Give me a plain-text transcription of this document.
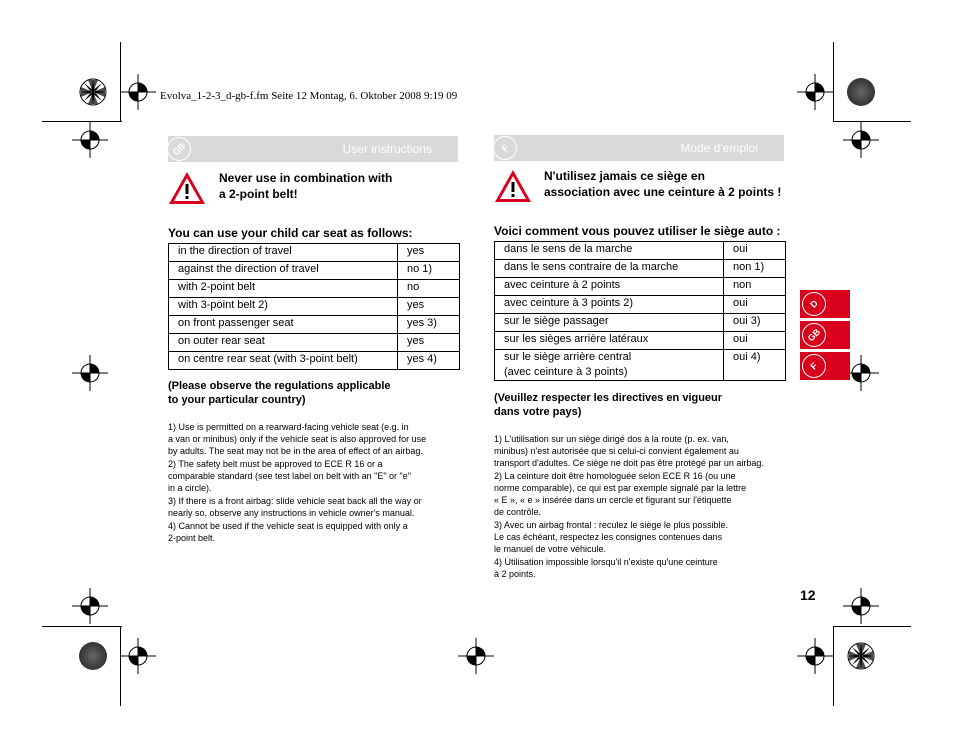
Evolva_1-2-3_d-gb-f.fm Seite 12 Montag, 6. Oktober 2008 9:19 09
GB	User instructions
Never use in combination with
a 2-point belt!
You can use your child car seat as follows:
in the direction of travel	yes
against the direction of travel	no 1)
with 2-point belt	no
with 3-point belt 2)	yes
on front passenger seat	yes 3)
on outer rear seat	yes
on centre rear seat (with 3-point belt)	yes 4)
(Please observe the regulations applicable
to your particular country)

1) Use is permitted on a rearward-facing vehicle seat (e.g. in
a van or minibus) only if the vehicle seat is also approved for use
by adults. The seat may not be in the area of effect of an airbag.

2) The safety belt must be approved to ECE R 16 or a
comparable standard (see test label on belt with an "E" or "e"
in a circle).

3) If there is a front airbag: slide vehicle seat back all the way or
nearly so, observe any instructions in vehicle owner's manual.

4) Cannot be used if the vehicle seat is equipped with only a
2-point belt.

F	Mode d'emploi
N'utilisez jamais ce siège en
association avec une ceinture à 2 points !
Voici comment vous pouvez utiliser le siège auto :
dans le sens de la marche	oui
dans le sens contraire de la marche	non 1)
avec ceinture à 2 points	non
avec ceinture à 3 points 2)	oui
sur le siège passager	oui 3)
sur les sièges arrière latéraux	oui
sur le siège arrière central
(avec ceinture à 3 points)	oui 4)
(Veuillez respecter les directives en vigueur
dans votre pays)

1) L'utilisation sur un siège dirigé dos à la route (p. ex. van,
minibus) n'est autorisée que si celui-ci convient également au
transport d'adultes. Ce siège ne doit pas être protégé par un airbag.

2) La ceinture doit être homologuée selon ECE R 16 (ou une
norme comparable), ce qui est par exemple signalé par la lettre
« E », « e » insérée dans un cercle et figurant sur l'étiquette
de contrôle.

3) Avec un airbag frontal : reculez le siège le plus possible.
Le cas échéant, respectez les consignes contenues dans
le manuel de votre véhicule.

4) Utilisation impossible lorsqu'il n'existe qu'une ceinture
à 2 points.

D
GB
F
12
